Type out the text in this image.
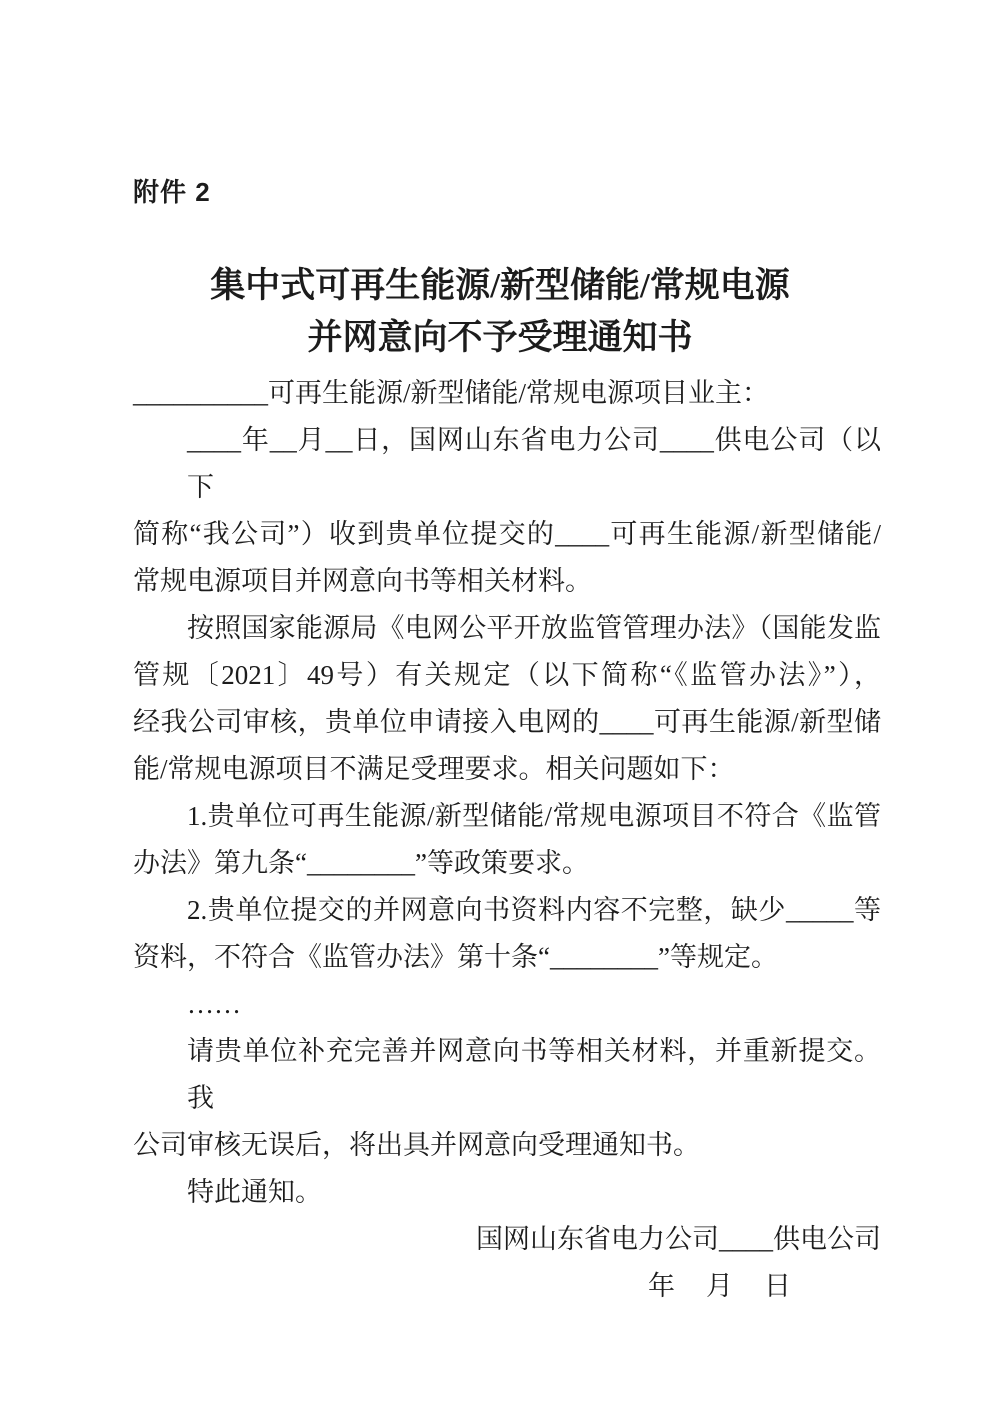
附件 2
集中式可再生能源/新型储能/常规电源
并网意向不予受理通知书
__________可再生能源/新型储能/常规电源项目业主：
____年__月__日，国网山东省电力公司____供电公司（以下
简称“我公司”）收到贵单位提交的____可再生能源/新型储能/
常规电源项目并网意向书等相关材料。
按照国家能源局《电网公平开放监管管理办法》（国能发监
管规〔2021〕49号）有关规定（以下简称“《监管办法》”），
经我公司审核，贵单位申请接入电网的____可再生能源/新型储
能/常规电源项目不满足受理要求。相关问题如下：
1.贵单位可再生能源/新型储能/常规电源项目不符合《监管
办法》第九条“________”等政策要求。
2.贵单位提交的并网意向书资料内容不完整，缺少_____等
资料，不符合《监管办法》第十条“________”等规定。
……
请贵单位补充完善并网意向书等相关材料，并重新提交。我
公司审核无误后，将出具并网意向受理通知书。
特此通知。
国网山东省电力公司____供电公司
年　月　日
